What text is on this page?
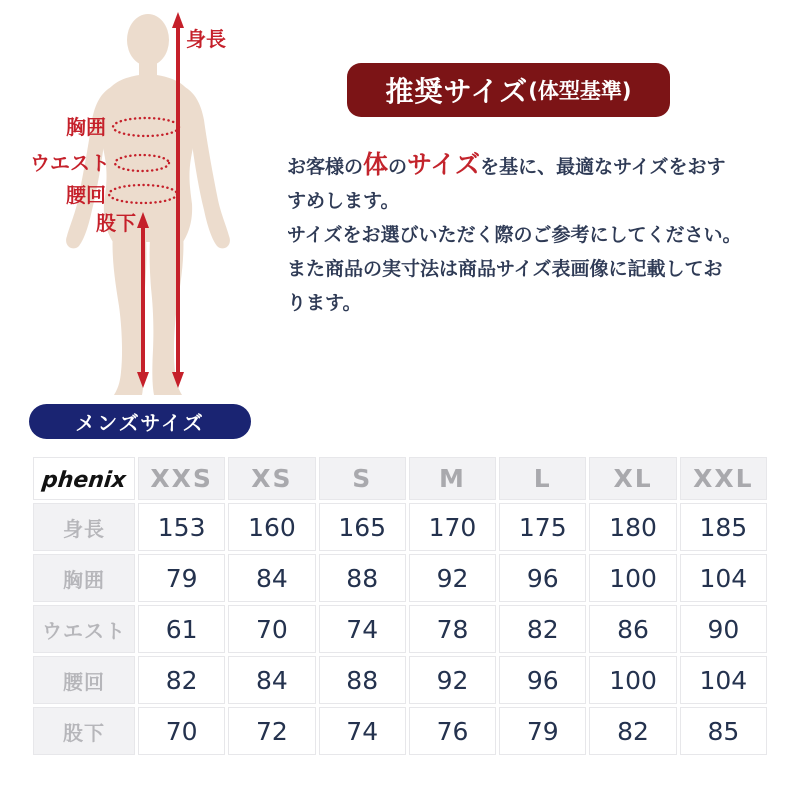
身長
胸囲
ウエスト
腰回
股下
推奨サイズ (体型基準)
お客様の体のサイズを基に、最適なサイズをおす
すめします。
サイズをお選びいただく際のご参考にしてください。
また商品の実寸法は商品サイズ表画像に記載してお
ります。
メンズサイズ
phenix	XXS	XS	S	M	L	XL	XXL
身長	153	160	165	170	175	180	185
胸囲	79	84	88	92	96	100	104
ウエスト	61	70	74	78	82	86	90
腰回	82	84	88	92	96	100	104
股下	70	72	74	76	79	82	85
